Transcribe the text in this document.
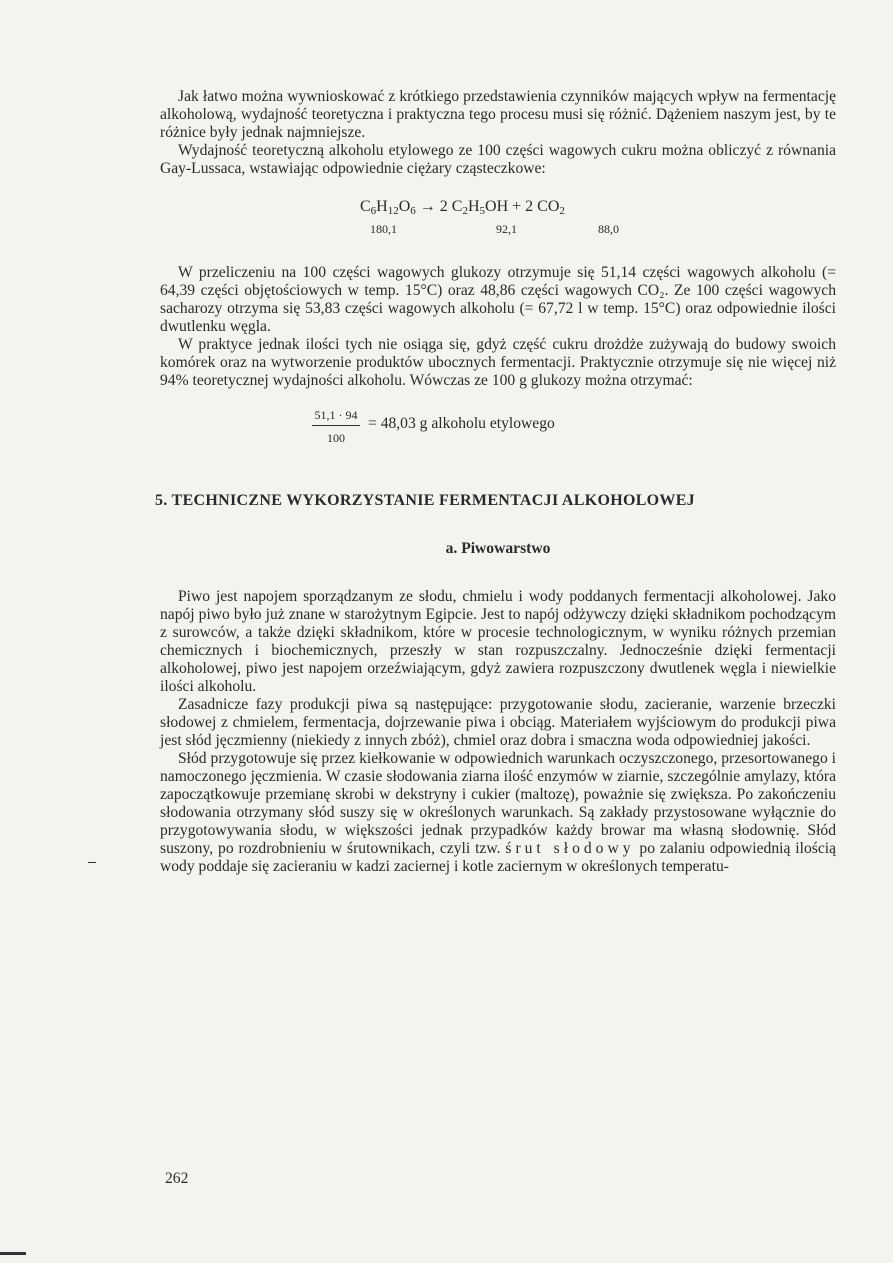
Jak łatwo można wywnioskować z krótkiego przedstawienia czynników mających wpływ na fermentację alkoholową, wydajność teoretyczna i praktyczna tego procesu musi się różnić. Dążeniem naszym jest, by te różnice były jednak najmniejsze.

Wydajność teoretyczną alkoholu etylowego ze 100 części wagowych cukru można obliczyć z równania Gay-Lussaca, wstawiając odpowiednie ciężary cząsteczkowe:

$C_6H_{12}O_6 \to 2$ $C_2H_5OH + 2$ $CO_2$
180,1	92,1	88,0

W przeliczeniu na 100 części wagowych glukozy otrzymuje się 51,14 części wagowych alkoholu (= 64,39 części objętościowych w temp. 15°C) oraz 48,86 części wagowych CO₂. Ze 100 części wagowych sacharozy otrzyma się 53,83 części wagowych alkoholu (= 67,72 l w temp. 15°C) oraz odpowiednie ilości dwutlenku węgla.

W praktyce jednak ilości tych nie osiąga się, gdyż część cukru drożdże zużywają do budowy swoich komórek oraz na wytworzenie produktów ubocznych fermentacji. Praktycznie otrzymuje się nie więcej niż 94% teoretycznej wydajności alkoholu. Wówczas ze 100 g glukozy można otrzymać:

$\frac{51,1 \cdot 94}{100} = 48,03$ g alkoholu etylowego
5. TECHNICZNE WYKORZYSTANIE FERMENTACJI ALKOHOLOWEJ
a. Piwowarstwo

Piwo jest napojem sporządzanym ze słodu, chmielu i wody poddanych fermentacji alkoholowej. Jako napój piwo było już znane w starożytnym Egipcie. Jest to napój odżywczy dzięki składnikom pochodzącym z surowców, a także dzięki składnikom, które w procesie technologicznym, w wyniku różnych przemian chemicznych i biochemicznych, przeszły w stan rozpuszczalny. Jednocześnie dzięki fermentacji alkoholowej, piwo jest napojem orzeźwiającym, gdyż zawiera rozpuszczony dwutlenek węgla i niewielkie ilości alkoholu.

Zasadnicze fazy produkcji piwa są następujące: przygotowanie słodu, zacieranie, warzenie brzeczki słodowej z chmielem, fermentacja, dojrzewanie piwa i obciąg. Materiałem wyjściowym do produkcji piwa jest słód jęczmienny (niekiedy z innych zbóż), chmiel oraz dobra i smaczna woda odpowiedniej jakości.

Słód przygotowuje się przez kiełkowanie w odpowiednich warunkach oczyszczonego, przesortowanego i namoczonego jęczmienia. W czasie słodowania ziarna ilość enzymów w ziarnie, szczególnie amylazy, która zapoczątkowuje przemianę skrobi w dekstryny i cukier (maltozę), poważnie się zwiększa. Po zakończeniu słodowania otrzymany słód suszy się w określonych warunkach. Są zakłady przystosowane wyłącznie do przygotowywania słodu, w większości jednak przypadków każdy browar ma własną słodownię. Słód suszony, po rozdrobnieniu w śrutownikach, czyli tzw. śrut słodowy po zalaniu odpowiednią ilością wody poddaje się zacieraniu w kadzi zaciernej i kotle zaciernym w określonych temperatu-

262
